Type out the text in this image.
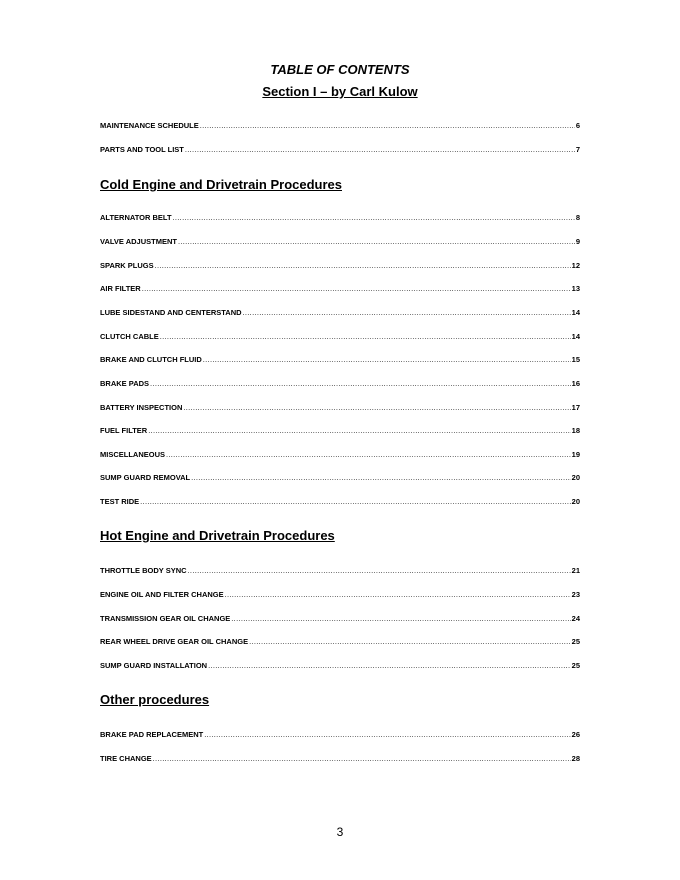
TABLE OF CONTENTS
Section I – by Carl Kulow
MAINTENANCE SCHEDULE .....	6
PARTS AND TOOL LIST .....	7
Cold Engine and Drivetrain Procedures
ALTERNATOR BELT .....	8
VALVE ADJUSTMENT .....	9
SPARK PLUGS .....	12
AIR FILTER .....	13
LUBE SIDESTAND AND CENTERSTAND .....	14
CLUTCH CABLE .....	14
BRAKE AND CLUTCH FLUID .....	15
BRAKE PADS .....	16
BATTERY INSPECTION .....	17
FUEL FILTER .....	18
MISCELLANEOUS .....	19
SUMP GUARD REMOVAL .....	20
TEST RIDE .....	20
Hot Engine and Drivetrain Procedures
THROTTLE BODY SYNC .....	21
ENGINE OIL AND FILTER CHANGE .....	23
TRANSMISSION GEAR OIL CHANGE .....	24
REAR WHEEL DRIVE GEAR OIL CHANGE .....	25
SUMP GUARD INSTALLATION .....	25
Other procedures
BRAKE PAD REPLACEMENT .....	26
TIRE CHANGE .....	28
3
